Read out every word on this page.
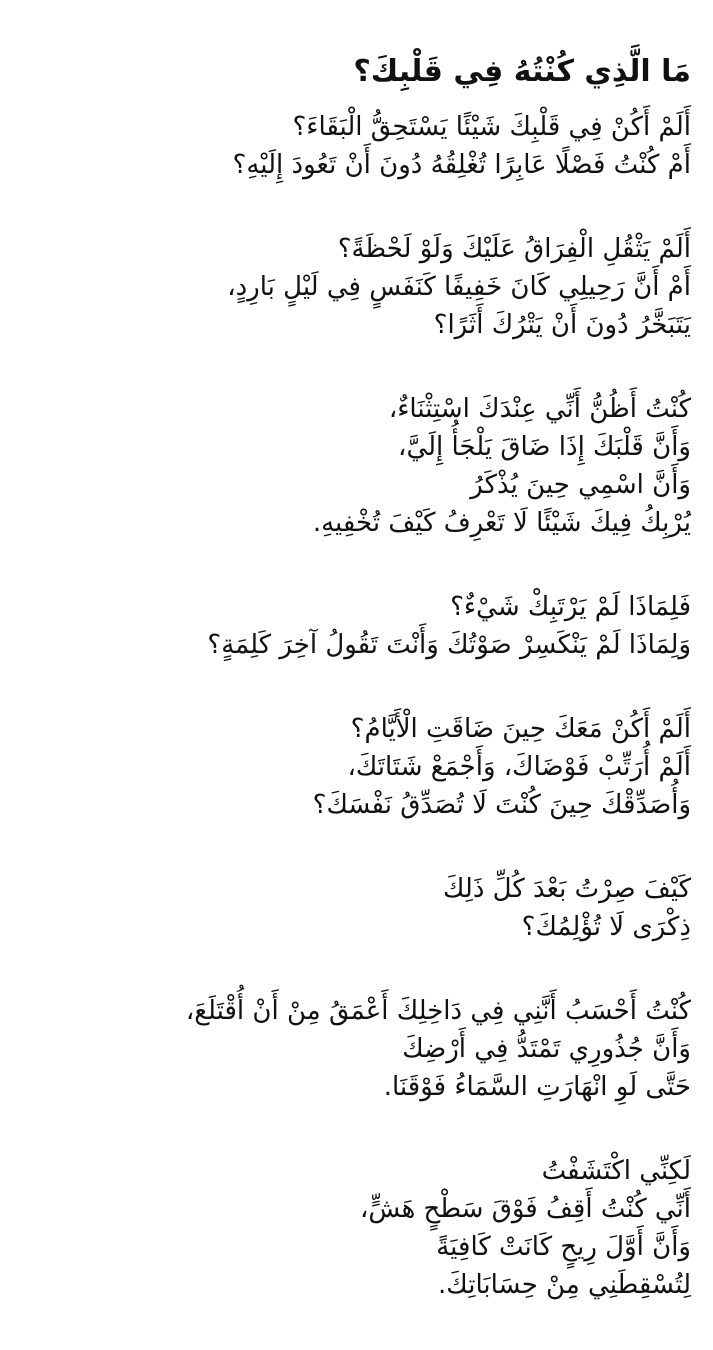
مَا الَّذِي كُنْتُهُ فِي قَلْبِكَ؟
أَلَمْ أَكُنْ فِي قَلْبِكَ شَيْئًا يَسْتَحِقُّ الْبَقَاءَ؟
أَمْ كُنْتُ فَصْلًا عَابِرًا تُغْلِقُهُ دُونَ أَنْ تَعُودَ إِلَيْهِ؟
أَلَمْ يَثْقُلِ الْفِرَاقُ عَلَيْكَ وَلَوْ لَحْظَةً؟
أَمْ أَنَّ رَحِيلِي كَانَ خَفِيفًا كَنَفَسٍ فِي لَيْلٍ بَارِدٍ،
يَتَبَخَّرُ دُونَ أَنْ يَتْرُكَ أَثَرًا؟
كُنْتُ أَظُنُّ أَنِّي عِنْدَكَ اسْتِثْنَاءٌ،
وَأَنَّ قَلْبَكَ إِذَا ضَاقَ يَلْجَأُ إِلَيَّ،
وَأَنَّ اسْمِي حِينَ يُذْكَرُ
يُرْبِكُ فِيكَ شَيْئًا لَا تَعْرِفُ كَيْفَ تُخْفِيهِ.
فَلِمَاذَا لَمْ يَرْتَبِكْ شَيْءٌ؟
وَلِمَاذَا لَمْ يَنْكَسِرْ صَوْتُكَ وَأَنْتَ تَقُولُ آخِرَ كَلِمَةٍ؟
أَلَمْ أَكُنْ مَعَكَ حِينَ ضَاقَتِ الْأَيَّامُ؟
أَلَمْ أُرَتِّبْ فَوْضَاكَ، وَأَجْمَعْ شَتَاتَكَ،
وَأُصَدِّقْكَ حِينَ كُنْتَ لَا تُصَدِّقُ نَفْسَكَ؟
كَيْفَ صِرْتُ بَعْدَ كُلِّ ذَلِكَ
ذِكْرَى لَا تُؤْلِمُكَ؟
كُنْتُ أَحْسَبُ أَنَّنِي فِي دَاخِلِكَ أَعْمَقُ مِنْ أَنْ أُقْتَلَعَ،
وَأَنَّ جُذُورِي تَمْتَدُّ فِي أَرْضِكَ
حَتَّى لَوِ انْهَارَتِ السَّمَاءُ فَوْقَنَا.
لَكِنِّي اكْتَشَفْتُ
أَنِّي كُنْتُ أَقِفُ فَوْقَ سَطْحٍ هَشٍّ،
وَأَنَّ أَوَّلَ رِيحٍ كَانَتْ كَافِيَةً
لِتُسْقِطَنِي مِنْ حِسَابَاتِكَ.
